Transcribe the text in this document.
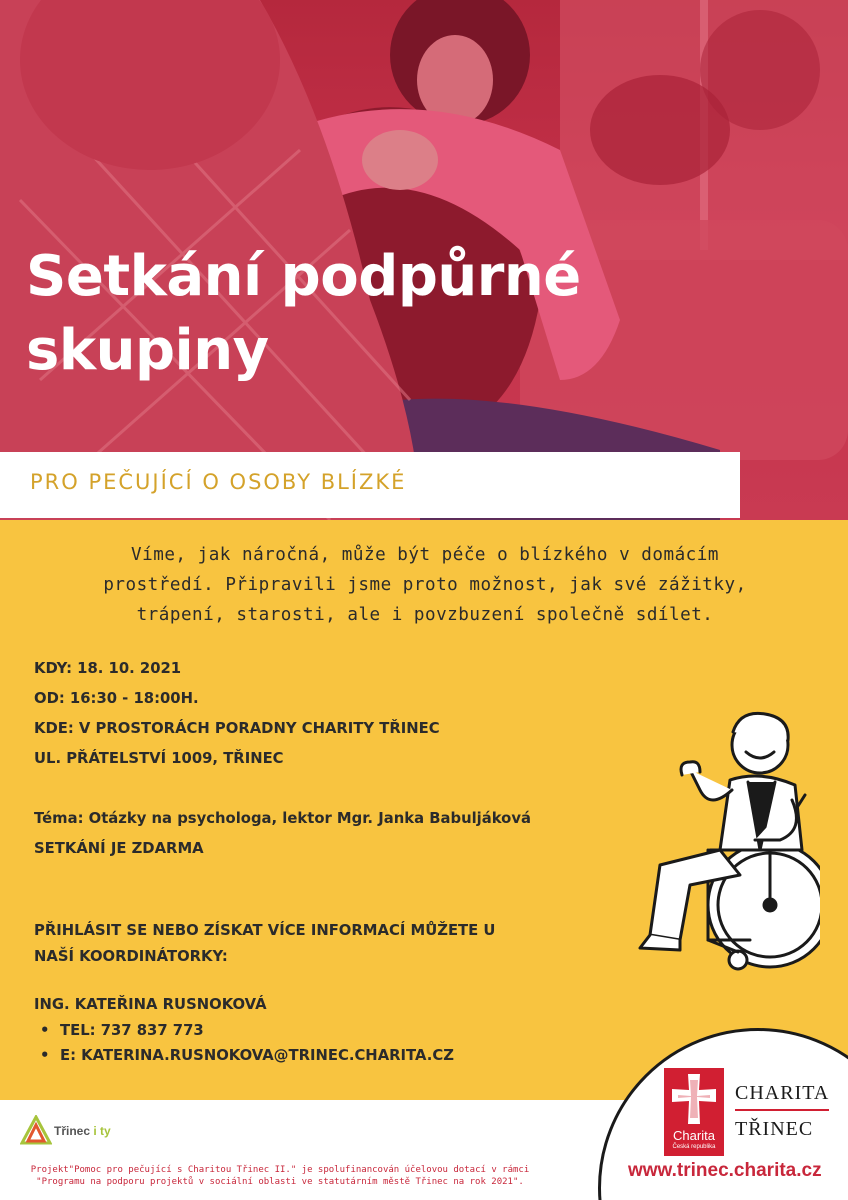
Setkání podpůrné
skupiny
PRO PEČUJÍCÍ O OSOBY BLÍZKÉ
Víme, jak náročná, může být péče o blízkého v domácím
prostředí. Připravili jsme proto možnost, jak své zážitky,
trápení, starosti, ale i povzbuzení společně sdílet.
KDY: 18. 10. 2021
OD: 16:30 - 18:00H.
KDE: V PROSTORÁCH PORADNY CHARITY TŘINEC
UL. PŘÁTELSTVÍ 1009, TŘINEC
Téma: Otázky na psychologa, lektor Mgr. Janka Babuljáková
SETKÁNÍ JE ZDARMA
PŘIHLÁSIT SE NEBO ZÍSKAT VÍCE INFORMACÍ MŮŽETE U
NAŠÍ KOORDINÁTORKY:
ING. KATEŘINA RUSNOKOVÁ
• TEL: 737 837 773
• E: KATERINA.RUSNOKOVA@TRINEC.CHARITA.CZ
Třinec i ty
Projekt"Pomoc pro pečující s Charitou Třinec II." je spolufinancován účelovou dotací v rámci
"Programu na podporu projektů v sociální oblasti ve statutárním městě Třinec na rok 2021".
Charita
Česká republika
CHARITA
TŘINEC
www.trinec.charita.cz
